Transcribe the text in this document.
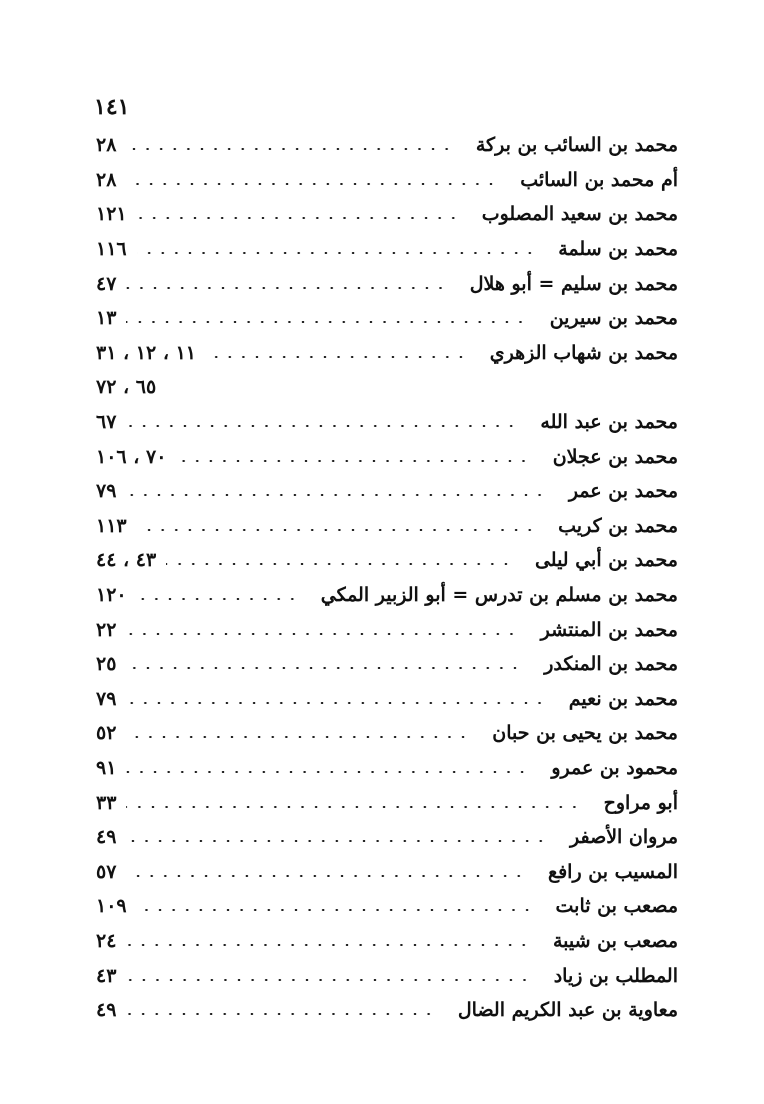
١٤١
محمد بن السائب بن بركة
٢٨
أم محمد بن السائب
٢٨
محمد بن سعيد المصلوب
١٢١
محمد بن سلمة
١١٦
محمد بن سليم = أبو هلال
٤٧
محمد بن سيرين
١٣
محمد بن شهاب الزهري
١١ ، ١٢ ، ٣١
٦٥ ، ٧٢
محمد بن عبد الله
٦٧
محمد بن عجلان
٧٠ ، ١٠٦
محمد بن عمر
٧٩
محمد بن كريب
١١٣
محمد بن أبي ليلى
٤٣ ، ٤٤
محمد بن مسلم بن تدرس = أبو الزبير المكي
١٢٠
محمد بن المنتشر
٢٢
محمد بن المنكدر
٢٥
محمد بن نعيم
٧٩
محمد بن يحيى بن حبان
٥٢
محمود بن عمرو
٩١
أبو مراوح
٣٣
مروان الأصفر
٤٩
المسيب بن رافع
٥٧
مصعب بن ثابت
١٠٩
مصعب بن شيبة
٢٤
المطلب بن زياد
٤٣
معاوية بن عبد الكريم الضال
٤٩
